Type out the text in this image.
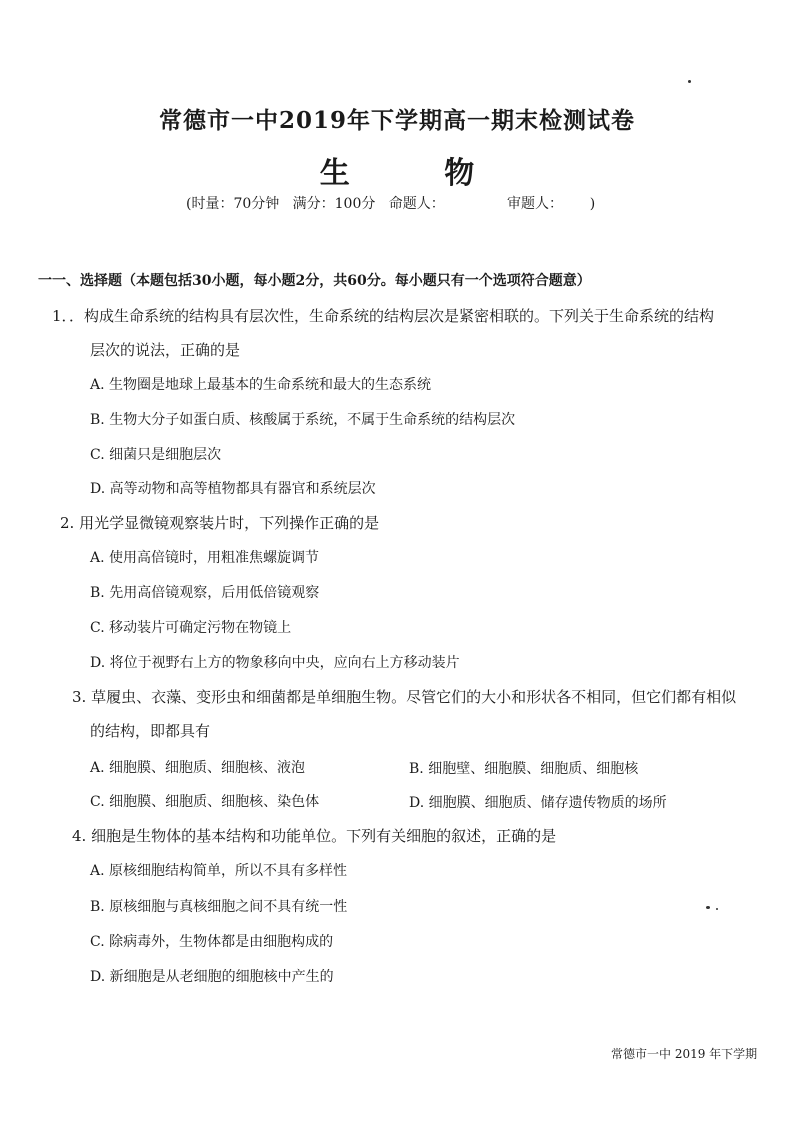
常德市一中2019年下学期高一期末检测试卷
生 物
(时量：70分钟   满分：100分   命题人：              审题人：      )
一一、选择题（本题包括30小题，每小题2分，共60分。每小题只有一个选项符合题意）
1．．构成生命系统的结构具有层次性，生命系统的结构层次是紧密相联的。下列关于生命系统的结构
层次的说法，正确的是
A. 生物圈是地球上最基本的生命系统和最大的生态系统
B. 生物大分子如蛋白质、核酸属于系统，不属于生命系统的结构层次
C. 细菌只是细胞层次
D. 高等动物和高等植物都具有器官和系统层次
2. 用光学显微镜观察装片时，下列操作正确的是
A. 使用高倍镜时，用粗准焦螺旋调节
B. 先用高倍镜观察，后用低倍镜观察
C. 移动装片可确定污物在物镜上
D. 将位于视野右上方的物象移向中央，应向右上方移动装片
3. 草履虫、衣藻、变形虫和细菌都是单细胞生物。尽管它们的大小和形状各不相同，但它们都有相似
的结构，即都具有
A. 细胞膜、细胞质、细胞核、液泡	B. 细胞壁、细胞膜、细胞质、细胞核
C. 细胞膜、细胞质、细胞核、染色体	D. 细胞膜、细胞质、储存遗传物质的场所
4. 细胞是生物体的基本结构和功能单位。下列有关细胞的叙述，正确的是
A. 原核细胞结构简单，所以不具有多样性
B. 原核细胞与真核细胞之间不具有统一性
C. 除病毒外，生物体都是由细胞构成的
D. 新细胞是从老细胞的细胞核中产生的
常德市一中 2019 年下学期
